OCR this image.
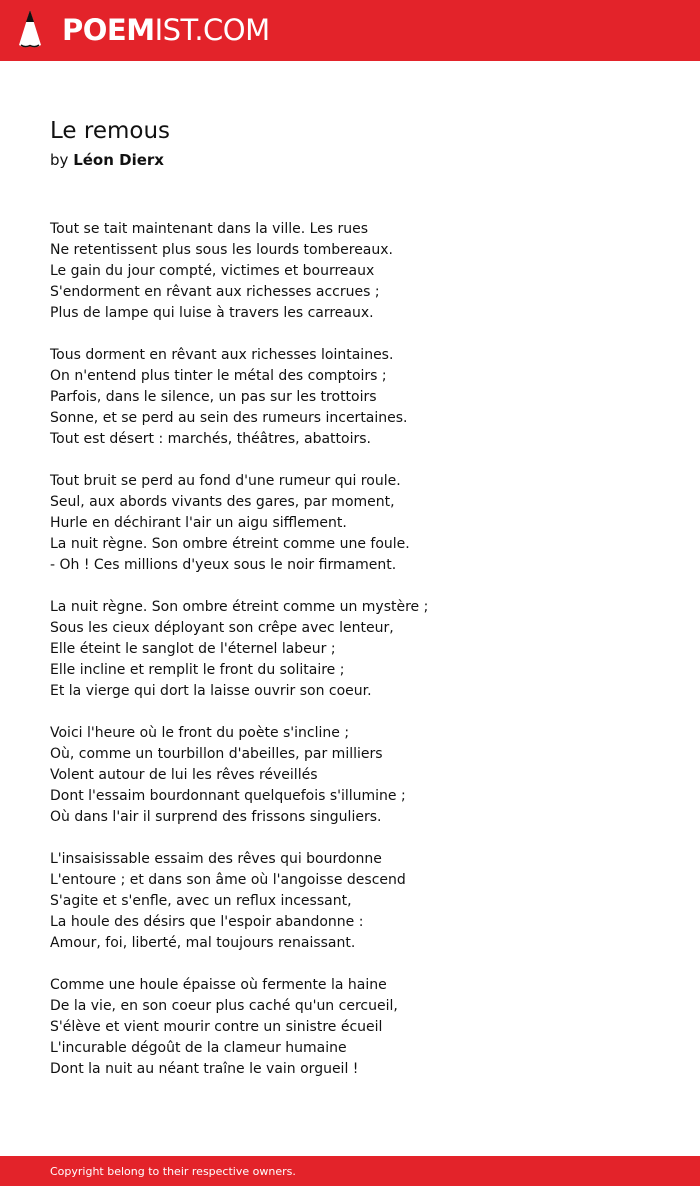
POEMIST.COM
Le remous
by Léon Dierx

Tout se tait maintenant dans la ville. Les rues
Ne retentissent plus sous les lourds tombereaux.
Le gain du jour compté, victimes et bourreaux
S'endorment en rêvant aux richesses accrues ;
Plus de lampe qui luise à travers les carreaux.

Tous dorment en rêvant aux richesses lointaines.
On n'entend plus tinter le métal des comptoirs ;
Parfois, dans le silence, un pas sur les trottoirs
Sonne, et se perd au sein des rumeurs incertaines.
Tout est désert : marchés, théâtres, abattoirs.

Tout bruit se perd au fond d'une rumeur qui roule.
Seul, aux abords vivants des gares, par moment,
Hurle en déchirant l'air un aigu sifflement.
La nuit règne. Son ombre étreint comme une foule.
- Oh ! Ces millions d'yeux sous le noir firmament.

La nuit règne. Son ombre étreint comme un mystère ;
Sous les cieux déployant son crêpe avec lenteur,
Elle éteint le sanglot de l'éternel labeur ;
Elle incline et remplit le front du solitaire ;
Et la vierge qui dort la laisse ouvrir son coeur.

Voici l'heure où le front du poète s'incline ;
Où, comme un tourbillon d'abeilles, par milliers
Volent autour de lui les rêves réveillés
Dont l'essaim bourdonnant quelquefois s'illumine ;
Où dans l'air il surprend des frissons singuliers.

L'insaisissable essaim des rêves qui bourdonne
L'entoure ; et dans son âme où l'angoisse descend
S'agite et s'enfle, avec un reflux incessant,
La houle des désirs que l'espoir abandonne :
Amour, foi, liberté, mal toujours renaissant.

Comme une houle épaisse où fermente la haine
De la vie, en son coeur plus caché qu'un cercueil,
S'élève et vient mourir contre un sinistre écueil
L'incurable dégoût de la clameur humaine
Dont la nuit au néant traîne le vain orgueil !

Copyright belong to their respective owners.
